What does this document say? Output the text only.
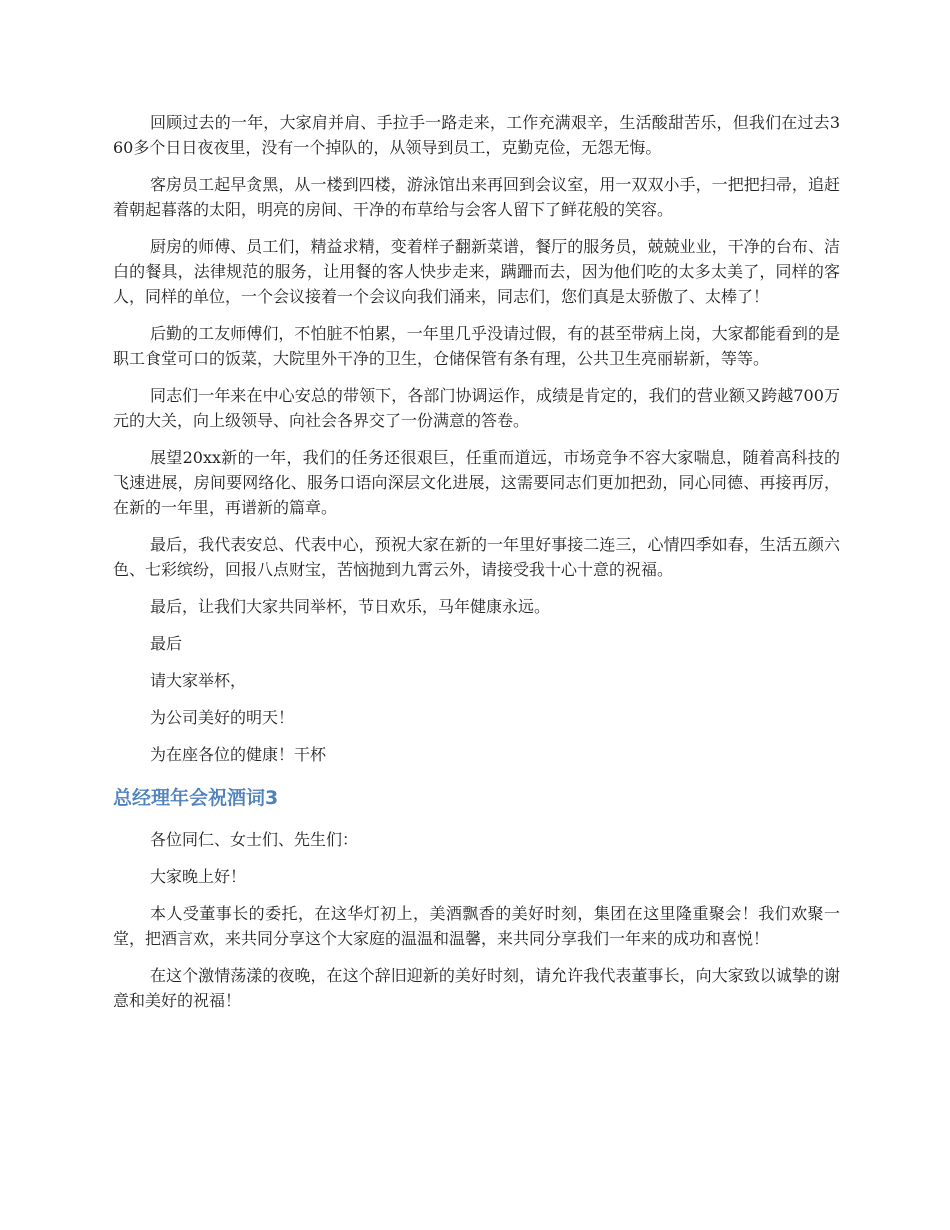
回顾过去的一年，大家肩并肩、手拉手一路走来，工作充满艰辛，生活酸甜苦乐，但我们在过去360多个日日夜夜里，没有一个掉队的，从领导到员工，克勤克俭，无怨无悔。

客房员工起早贪黑，从一楼到四楼，游泳馆出来再回到会议室，用一双双小手，一把把扫帚，追赶着朝起暮落的太阳，明亮的房间、干净的布草给与会客人留下了鲜花般的笑容。

厨房的师傅、员工们，精益求精，变着样子翻新菜谱，餐厅的服务员，兢兢业业，干净的台布、洁白的餐具，法律规范的服务，让用餐的客人快步走来，蹒跚而去，因为他们吃的太多太美了，同样的客人，同样的单位，一个会议接着一个会议向我们涌来，同志们，您们真是太骄傲了、太棒了！

后勤的工友师傅们，不怕脏不怕累，一年里几乎没请过假，有的甚至带病上岗，大家都能看到的是职工食堂可口的饭菜，大院里外干净的卫生，仓储保管有条有理，公共卫生亮丽崭新，等等。

同志们一年来在中心安总的带领下，各部门协调运作，成绩是肯定的，我们的营业额又跨越700万元的大关，向上级领导、向社会各界交了一份满意的答卷。

展望20xx新的一年，我们的任务还很艰巨，任重而道远，市场竞争不容大家喘息，随着高科技的飞速进展，房间要网络化、服务口语向深层文化进展，这需要同志们更加把劲，同心同德、再接再厉，在新的一年里，再谱新的篇章。

最后，我代表安总、代表中心，预祝大家在新的一年里好事接二连三，心情四季如春，生活五颜六色、七彩缤纷，回报八点财宝，苦恼抛到九霄云外，请接受我十心十意的祝福。

最后，让我们大家共同举杯，节日欢乐，马年健康永远。

最后

请大家举杯，

为公司美好的明天！

为在座各位的健康！干杯

总经理年会祝酒词3

各位同仁、女士们、先生们：

大家晚上好！

本人受董事长的委托，在这华灯初上，美酒飘香的美好时刻，集团在这里隆重聚会！我们欢聚一堂，把酒言欢，来共同分享这个大家庭的温温和温馨，来共同分享我们一年来的成功和喜悦！

在这个激情荡漾的夜晚，在这个辞旧迎新的美好时刻，请允许我代表董事长，向大家致以诚挚的谢意和美好的祝福！
